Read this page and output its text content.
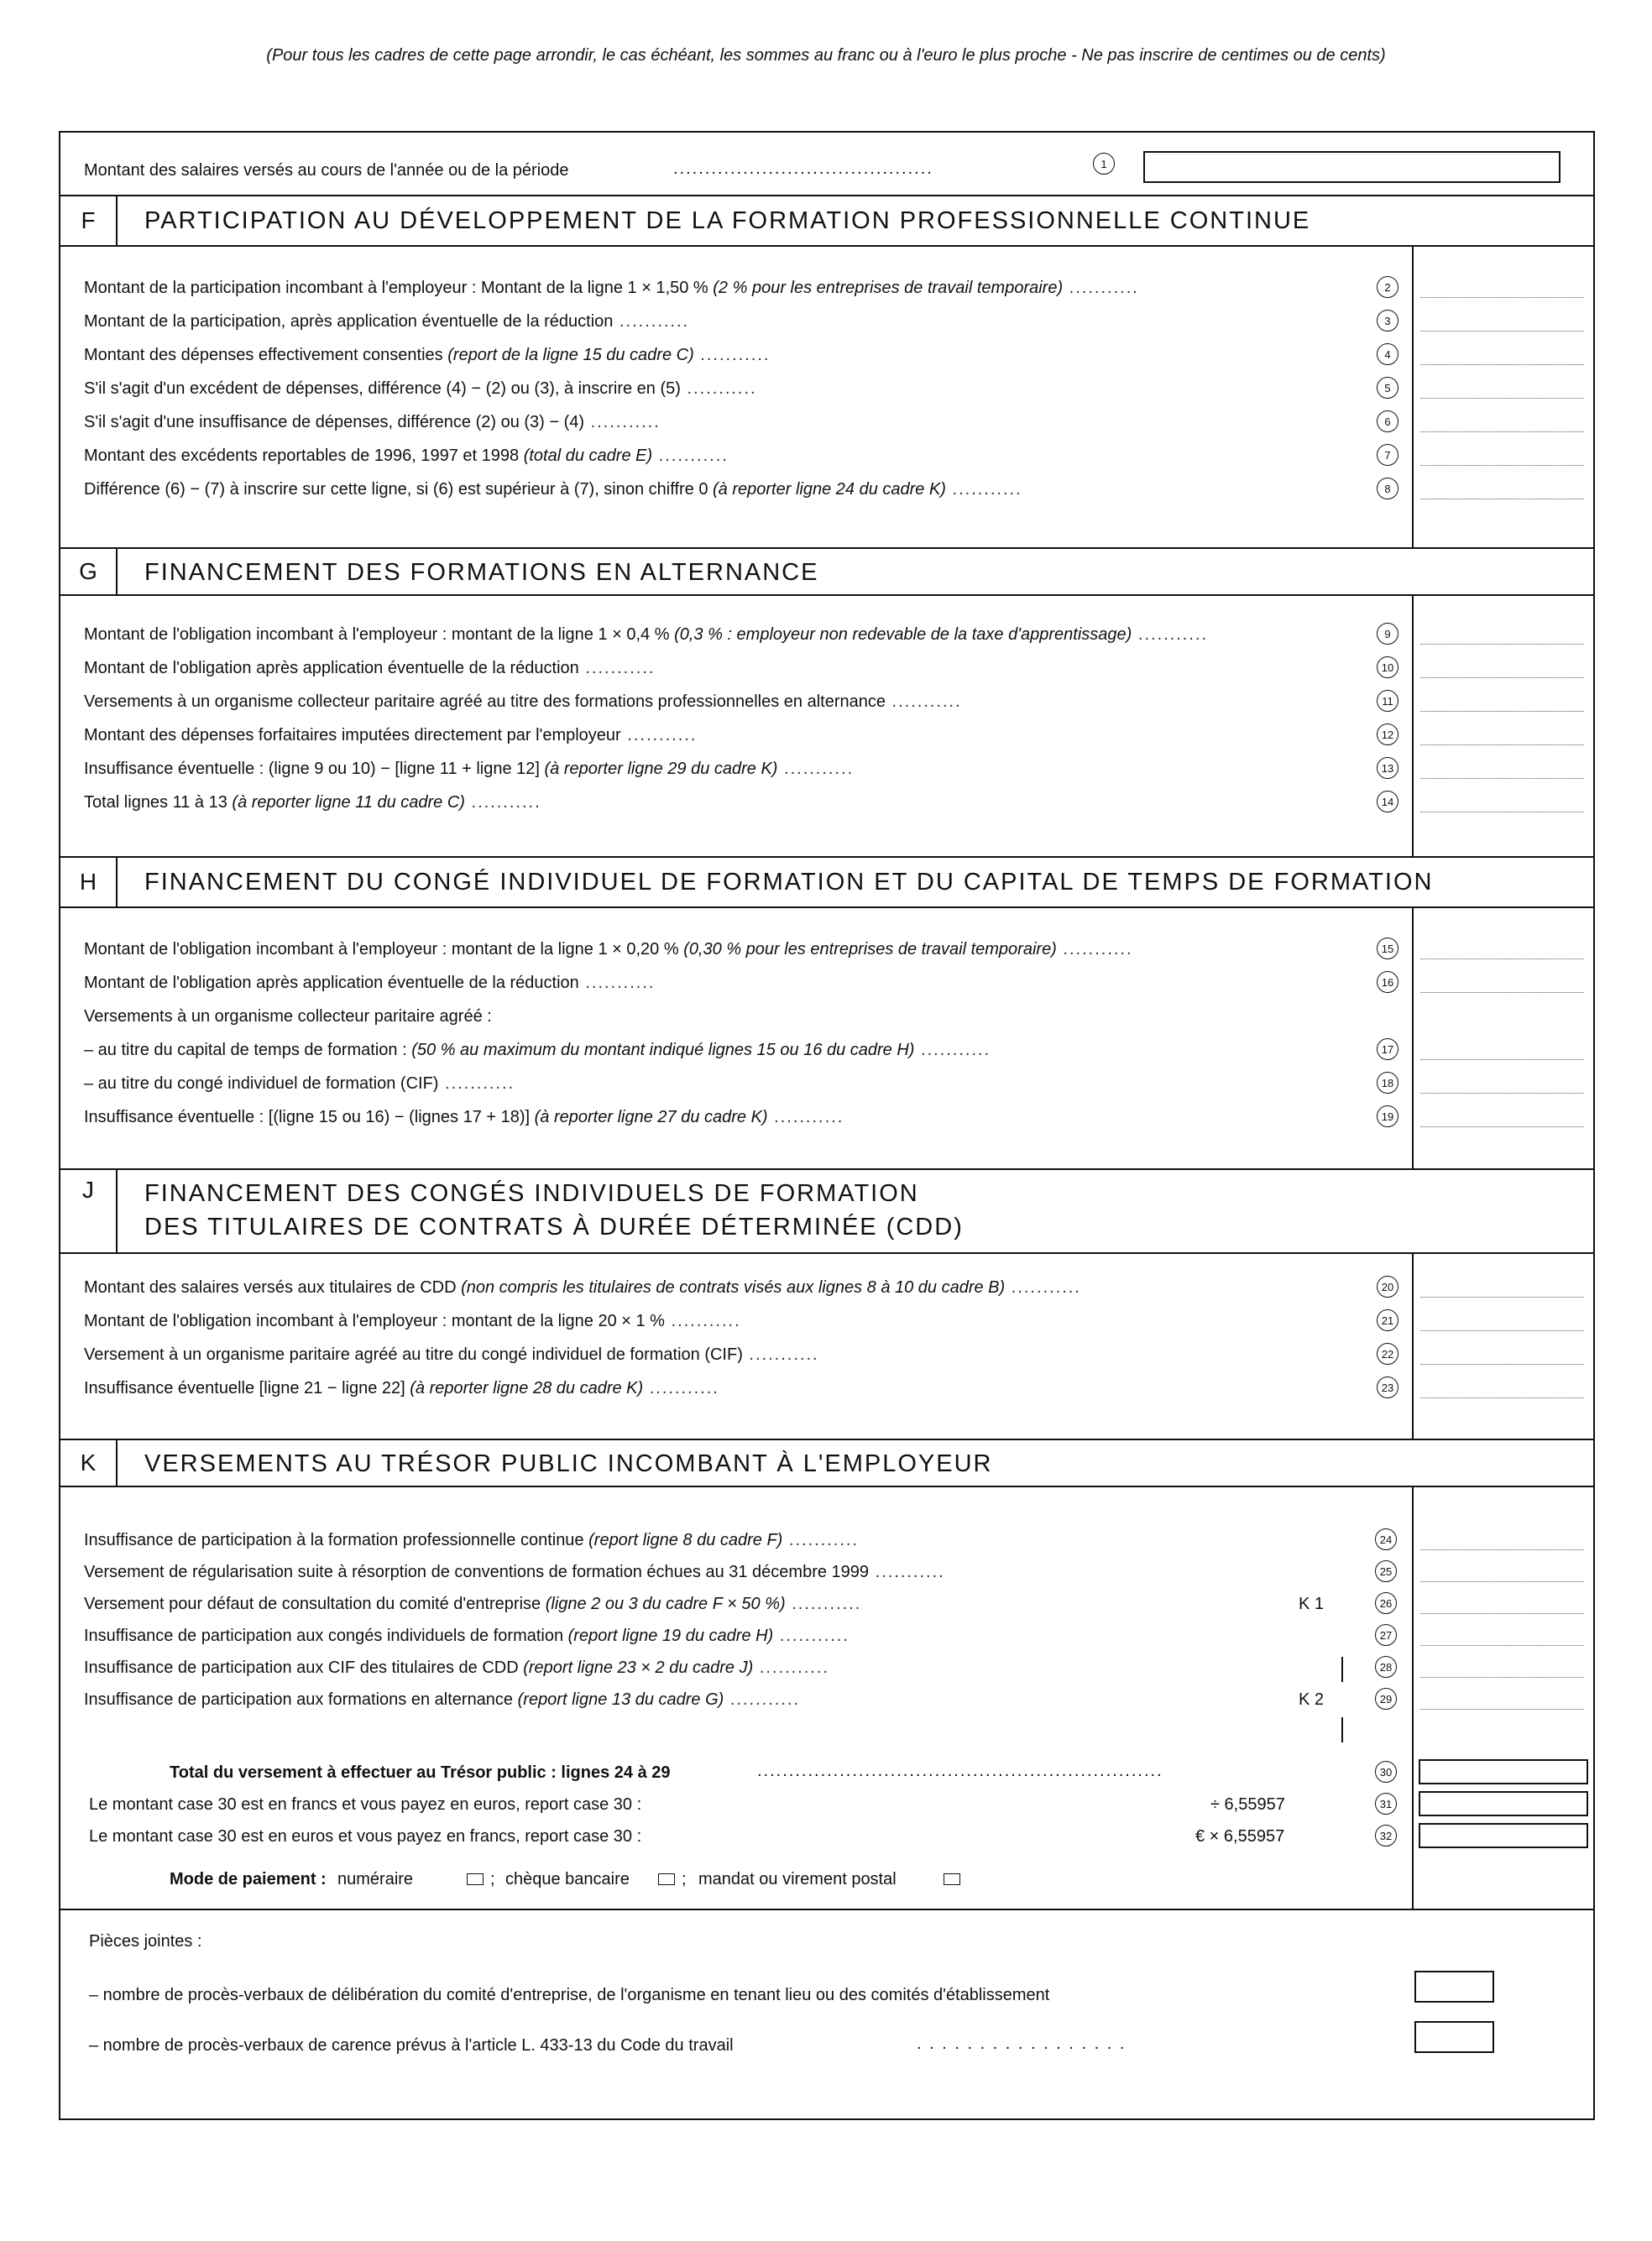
(Pour tous les cadres de cette page arrondir, le cas échéant, les sommes au franc ou à l'euro le plus proche - Ne pas inscrire de centimes ou de cents)
Montant des salaires versés au cours de l'année ou de la période	.........................................	1
F	PARTICIPATION AU DÉVELOPPEMENT DE LA FORMATION PROFESSIONNELLE CONTINUE
Montant de la participation incombant à l'employeur : Montant de la ligne 1 × 1,50 % (2 % pour les entreprises de travail temporaire) ...........	2
Montant de la participation, après application éventuelle de la réduction ...........	3
Montant des dépenses effectivement consenties (report de la ligne 15 du cadre C) ...........	4
S'il s'agit d'un excédent de dépenses, différence (4) − (2) ou (3), à inscrire en (5) ...........	5
S'il s'agit d'une insuffisance de dépenses, différence (2) ou (3) − (4) ...........	6
Montant des excédents reportables de 1996, 1997 et 1998 (total du cadre E) ...........	7
Différence (6) − (7) à inscrire sur cette ligne, si (6) est supérieur à (7), sinon chiffre 0 (à reporter ligne 24 du cadre K) ...........	8
G	FINANCEMENT DES FORMATIONS EN ALTERNANCE
Montant de l'obligation incombant à l'employeur : montant de la ligne 1 × 0,4 % (0,3 % : employeur non redevable de la taxe d'apprentissage) ...........	9
Montant de l'obligation après application éventuelle de la réduction ...........	10
Versements à un organisme collecteur paritaire agréé au titre des formations professionnelles en alternance ...........	11
Montant des dépenses forfaitaires imputées directement par l'employeur ...........	12
Insuffisance éventuelle : (ligne 9 ou 10) − [ligne 11 + ligne 12] (à reporter ligne 29 du cadre K) ...........	13
Total lignes 11 à 13 (à reporter ligne 11 du cadre C) ...........	14
H	FINANCEMENT DU CONGÉ INDIVIDUEL DE FORMATION ET DU CAPITAL DE TEMPS DE FORMATION
Montant de l'obligation incombant à l'employeur : montant de la ligne 1 × 0,20 % (0,30 % pour les entreprises de travail temporaire) ...........	15
Montant de l'obligation après application éventuelle de la réduction ...........	16
Versements à un organisme collecteur paritaire agréé :
– au titre du capital de temps de formation : (50 % au maximum du montant indiqué lignes 15 ou 16 du cadre H) ...........	17
– au titre du congé individuel de formation (CIF) ...........	18
Insuffisance éventuelle : [(ligne 15 ou 16) − (lignes 17 + 18)] (à reporter ligne 27 du cadre K) ...........	19
J	FINANCEMENT DES CONGÉS INDIVIDUELS DE FORMATION
DES TITULAIRES DE CONTRATS À DURÉE DÉTERMINÉE (CDD)
Montant des salaires versés aux titulaires de CDD (non compris les titulaires de contrats visés aux lignes 8 à 10 du cadre B) ...........	20
Montant de l'obligation incombant à l'employeur : montant de la ligne 20 × 1 % ...........	21
Versement à un organisme paritaire agréé au titre du congé individuel de formation (CIF) ...........	22
Insuffisance éventuelle [ligne 21 − ligne 22] (à reporter ligne 28 du cadre K) ...........	23
K	VERSEMENTS AU TRÉSOR PUBLIC INCOMBANT À L'EMPLOYEUR
Insuffisance de participation à la formation professionnelle continue (report ligne 8 du cadre F) ...........	24
Versement de régularisation suite à résorption de conventions de formation échues au 31 décembre 1999 ...........	25
Versement pour défaut de consultation du comité d'entreprise (ligne 2 ou 3 du cadre F × 50 %) ...........	K 1	26
Insuffisance de participation aux congés individuels de formation (report ligne 19 du cadre H) ...........	27
Insuffisance de participation aux CIF des titulaires de CDD (report ligne 23 × 2 du cadre J) ...........	28
Insuffisance de participation aux formations en alternance (report ligne 13 du cadre G) ...........	K 2	29
Total du versement à effectuer au Trésor public : lignes 24 à 29	................................................................	30
Le montant case 30 est en francs et vous payez en euros, report case 30 :	÷ 6,55957	31
Le montant case 30 est en euros et vous payez en francs, report case 30 :	€ × 6,55957	32
Mode de paiement : numéraire	; chèque bancaire	; mandat ou virement postal
Pièces jointes :
– nombre de procès-verbaux de délibération du comité d'entreprise, de l'organisme en tenant lieu ou des comités d'établissement
– nombre de procès-verbaux de carence prévus à l'article L. 433-13 du Code du travail	. . . . . . . . . . . . . . . . .
